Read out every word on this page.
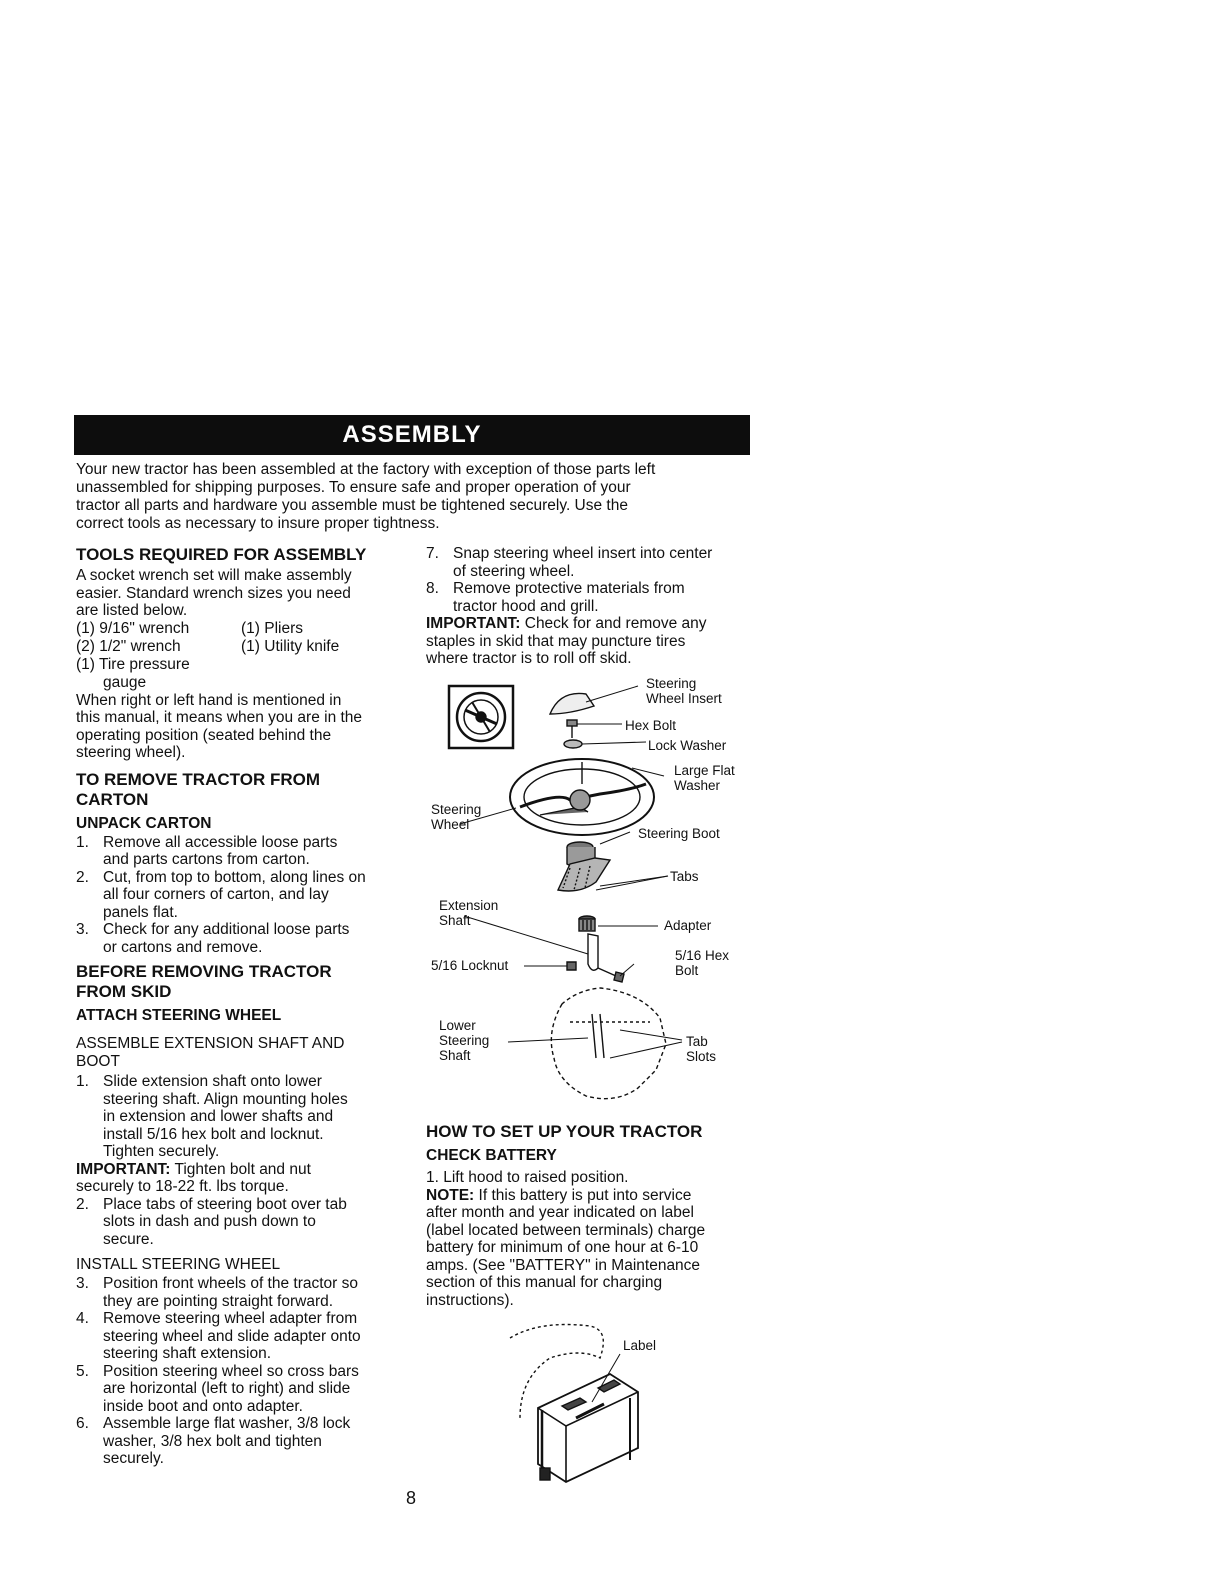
ASSEMBLY
Your new tractor has been assembled at the factory with exception of those parts left
unassembled for shipping purposes. To ensure safe and proper operation of your
tractor all parts and hardware you assemble must be tightened securely. Use the
correct tools as necessary to insure proper tightness.
TOOLS REQUIRED FOR ASSEMBLY
A socket wrench set will make assembly
easier. Standard wrench sizes you need
are listed below.
(1) 9/16" wrench
(2) 1/2" wrench
(1) Tire pressure
gauge
(1) Pliers
(1) Utility knife
When right or left hand is mentioned in
this manual, it means when you are in the
operating position (seated behind the
steering wheel).
TO REMOVE TRACTOR FROM
CARTON
UNPACK CARTON
1. Remove all accessible loose parts
and parts cartons from carton.
2. Cut, from top to bottom, along lines on
all four corners of carton, and lay
panels flat.
3. Check for any additional loose parts
or cartons and remove.
BEFORE REMOVING TRACTOR
FROM SKID
ATTACH STEERING WHEEL
ASSEMBLE EXTENSION SHAFT AND
BOOT
1. Slide extension shaft onto lower
steering shaft. Align mounting holes
in extension and lower shafts and
install 5/16 hex bolt and locknut.
Tighten securely.
IMPORTANT: Tighten bolt and nut
securely to 18-22 ft. lbs torque.
2. Place tabs of steering boot over tab
slots in dash and push down to
secure.
INSTALL STEERING WHEEL
3. Position front wheels of the tractor so
they are pointing straight forward.
4. Remove steering wheel adapter from
steering wheel and slide adapter onto
steering shaft extension.
5. Position steering wheel so cross bars
are horizontal (left to right) and slide
inside boot and onto adapter.
6. Assemble large flat washer, 3/8 lock
washer, 3/8 hex bolt and tighten
securely.
7. Snap steering wheel insert into center
of steering wheel.
8. Remove protective materials from
tractor hood and grill.
IMPORTANT: Check for and remove any
staples in skid that may puncture tires
where tractor is to roll off skid.
Steering
Wheel Insert
Hex Bolt
Lock Washer
Large Flat
Washer
Steering
Wheel
Steering Boot
Tabs
Extension
Shaft	Adapter
5/16 Locknut
5/16 Hex
Bolt
Lower
Steering
Shaft
Tab
Slots
HOW TO SET UP YOUR TRACTOR
CHECK BATTERY
1. Lift hood to raised position.
NOTE: If this battery is put into service
after month and year indicated on label
(label located between terminals) charge
battery for minimum of one hour at 6-10
amps. (See "BATTERY" in Maintenance
section of this manual for charging
instructions).
Label
8
